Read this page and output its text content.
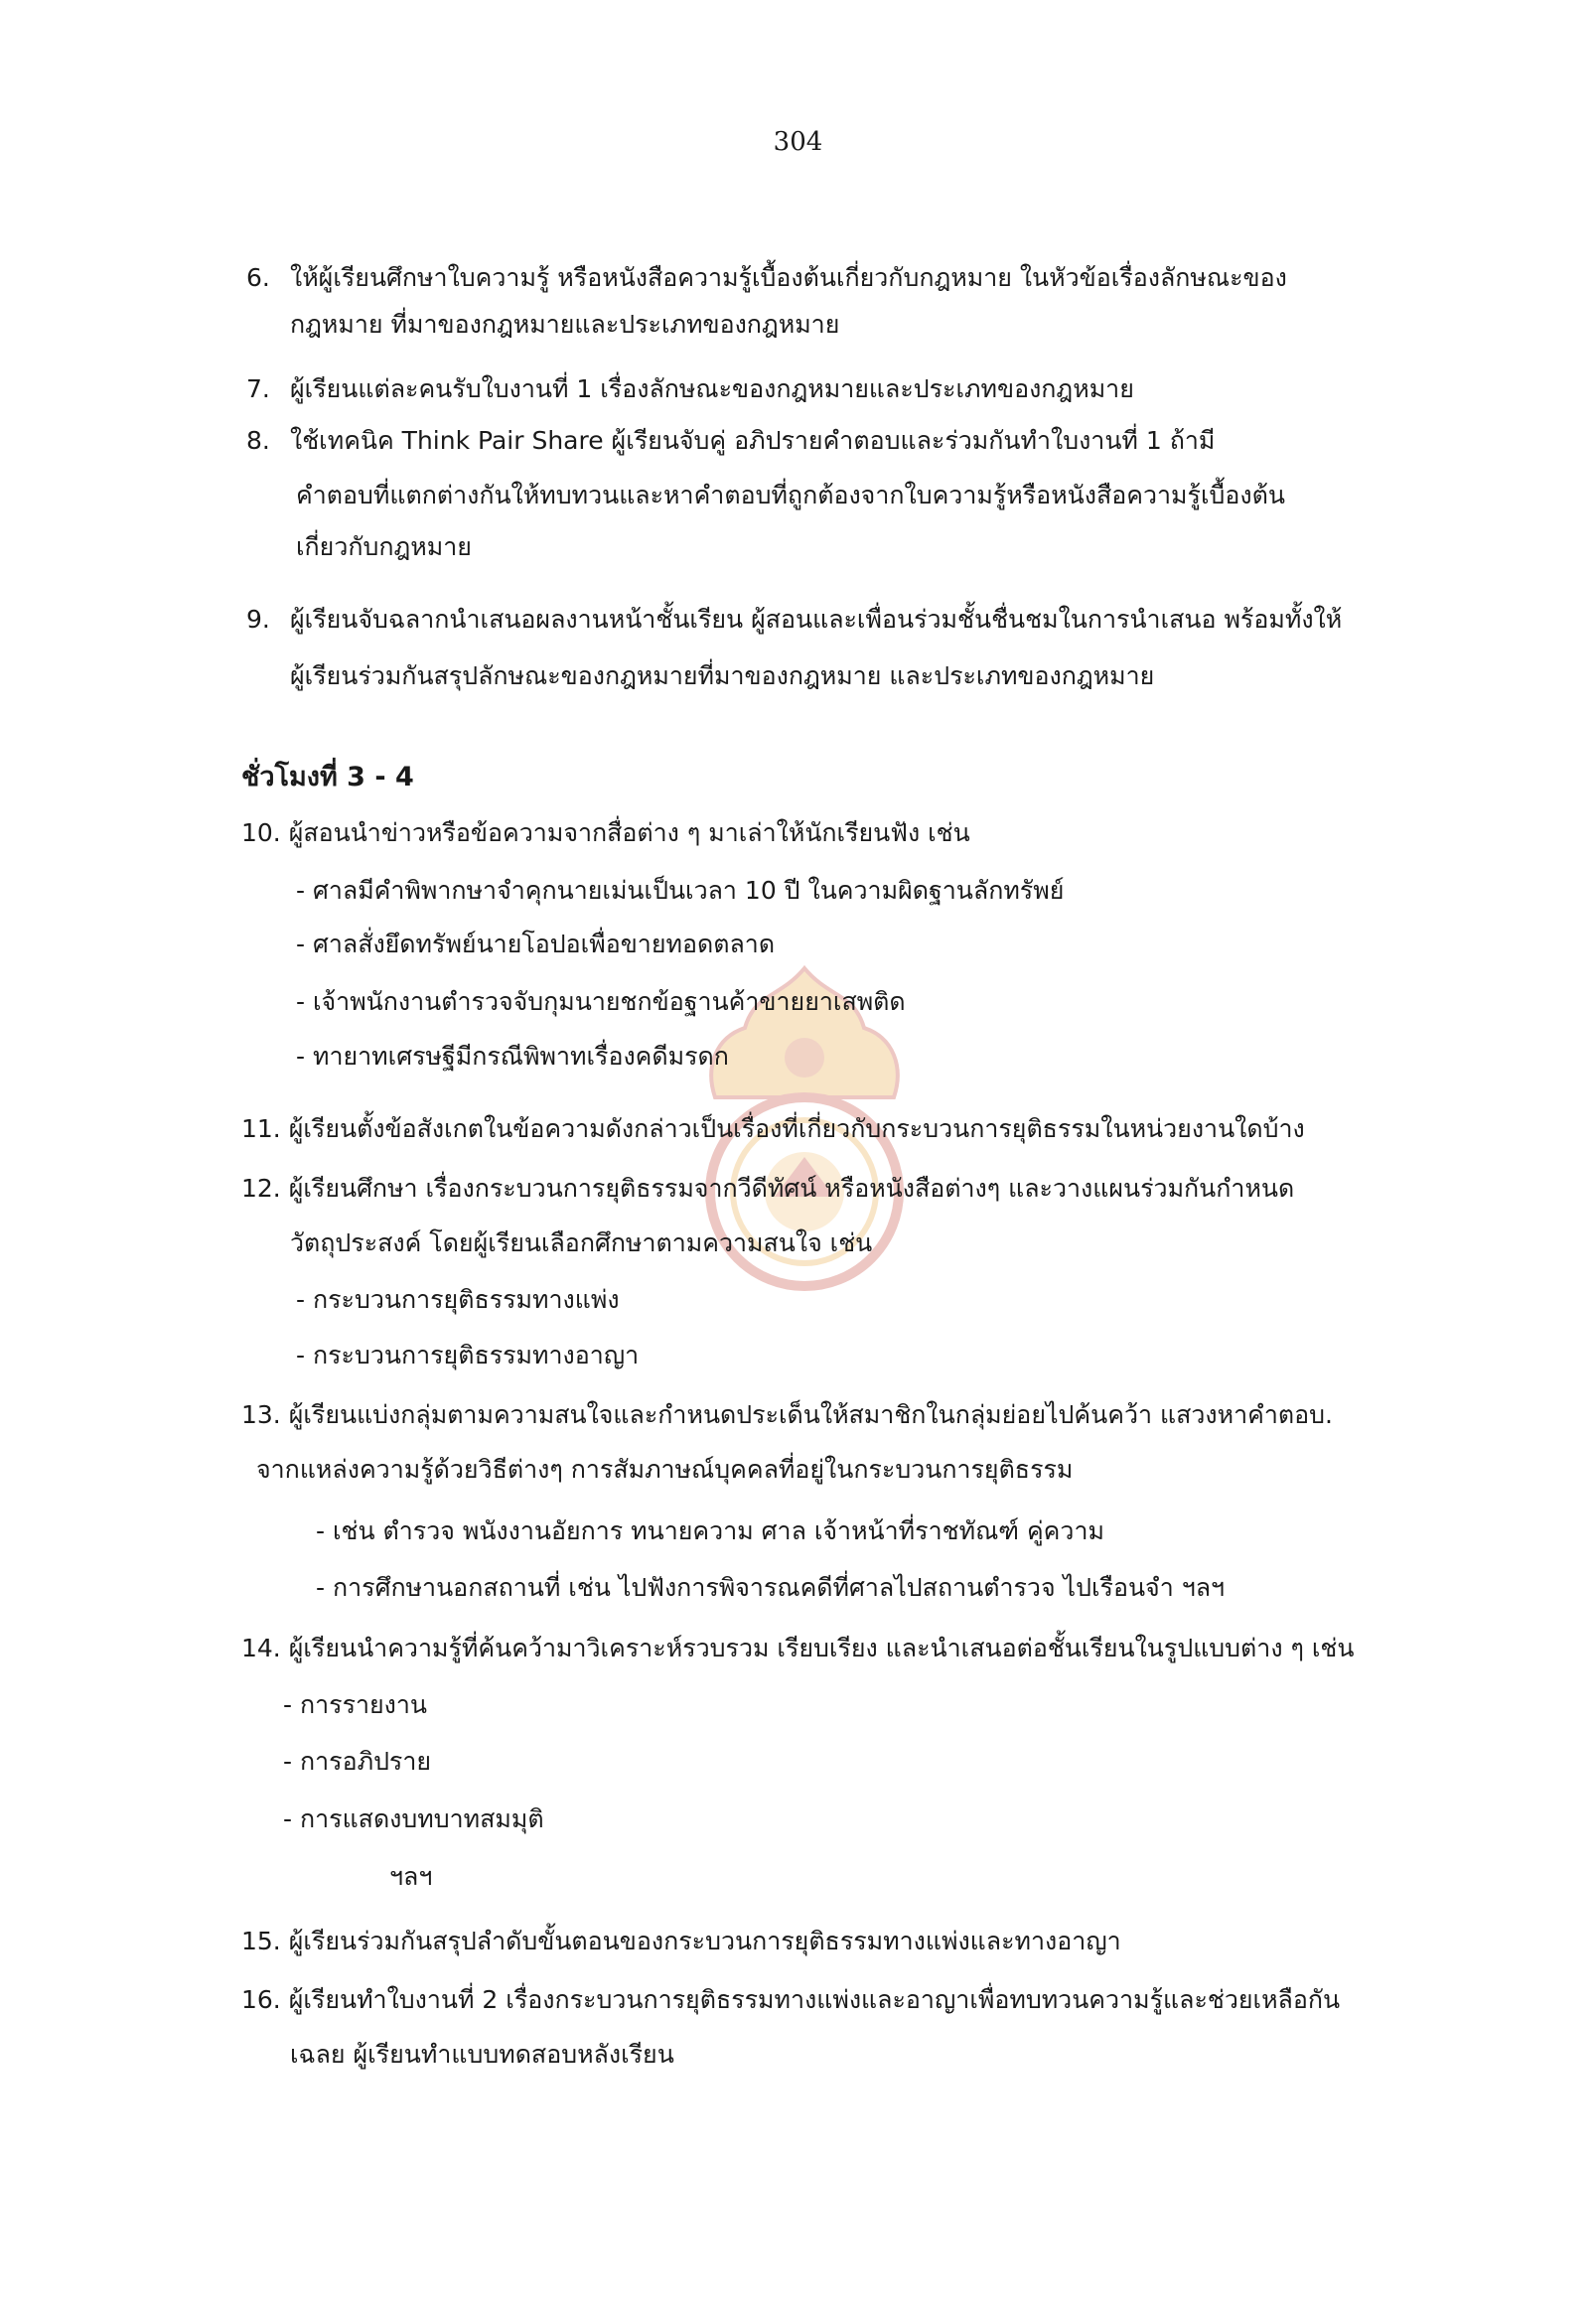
304
6. ให้ผู้เรียนศึกษาใบความรู้ หรือหนังสือความรู้เบื้องต้นเกี่ยวกับกฎหมาย ในหัวข้อเรื่องลักษณะของ
กฎหมาย ที่มาของกฎหมายและประเภทของกฎหมาย
7. ผู้เรียนแต่ละคนรับใบงานที่ 1 เรื่องลักษณะของกฎหมายและประเภทของกฎหมาย
8. ใช้เทคนิค Think Pair Share ผู้เรียนจับคู่ อภิปรายคำตอบและร่วมกันทำใบงานที่ 1 ถ้ามี
คำตอบที่แตกต่างกันให้ทบทวนและหาคำตอบที่ถูกต้องจากใบความรู้หรือหนังสือความรู้เบื้องต้น
เกี่ยวกับกฎหมาย
9. ผู้เรียนจับฉลากนำเสนอผลงานหน้าชั้นเรียน ผู้สอนและเพื่อนร่วมชั้นชื่นชมในการนำเสนอ พร้อมทั้งให้
ผู้เรียนร่วมกันสรุปลักษณะของกฎหมายที่มาของกฎหมาย และประเภทของกฎหมาย
ชั่วโมงที่ 3 - 4
10. ผู้สอนนำข่าวหรือข้อความจากสื่อต่าง ๆ มาเล่าให้นักเรียนฟัง เช่น
- ศาลมีคำพิพากษาจำคุกนายเม่นเป็นเวลา 10 ปี ในความผิดฐานลักทรัพย์
- ศาลสั่งยึดทรัพย์นายโอปอเพื่อขายทอดตลาด
- เจ้าพนักงานตำรวจจับกุมนายชกข้อฐานค้าขายยาเสพติด
- ทายาทเศรษฐีมีกรณีพิพาทเรื่องคดีมรดก
11. ผู้เรียนตั้งข้อสังเกตในข้อความดังกล่าวเป็นเรื่องที่เกี่ยวกับกระบวนการยุติธรรมในหน่วยงานใดบ้าง
12. ผู้เรียนศึกษา เรื่องกระบวนการยุติธรรมจากวีดีทัศน์ หรือหนังสือต่างๆ และวางแผนร่วมกันกำหนด
วัตถุประสงค์ โดยผู้เรียนเลือกศึกษาตามความสนใจ เช่น
- กระบวนการยุติธรรมทางแพ่ง
- กระบวนการยุติธรรมทางอาญา
13. ผู้เรียนแบ่งกลุ่มตามความสนใจและกำหนดประเด็นให้สมาชิกในกลุ่มย่อยไปค้นคว้า แสวงหาคำตอบ.
จากแหล่งความรู้ด้วยวิธีต่างๆ การสัมภาษณ์บุคคลที่อยู่ในกระบวนการยุติธรรม
- เช่น ตำรวจ พนังงานอัยการ ทนายความ ศาล เจ้าหน้าที่ราชทัณฑ์ คู่ความ
- การศึกษานอกสถานที่ เช่น ไปฟังการพิจารณคดีที่ศาลไปสถานตำรวจ ไปเรือนจำ ฯลฯ
14. ผู้เรียนนำความรู้ที่ค้นคว้ามาวิเคราะห์รวบรวม เรียบเรียง และนำเสนอต่อชั้นเรียนในรูปแบบต่าง ๆ เช่น
- การรายงาน
- การอภิปราย
- การแสดงบทบาทสมมุติ
ฯลฯ
15. ผู้เรียนร่วมกันสรุปลำดับขั้นตอนของกระบวนการยุติธรรมทางแพ่งและทางอาญา
16. ผู้เรียนทำใบงานที่ 2 เรื่องกระบวนการยุติธรรมทางแพ่งและอาญาเพื่อทบทวนความรู้และช่วยเหลือกัน
เฉลย ผู้เรียนทำแบบทดสอบหลังเรียน
